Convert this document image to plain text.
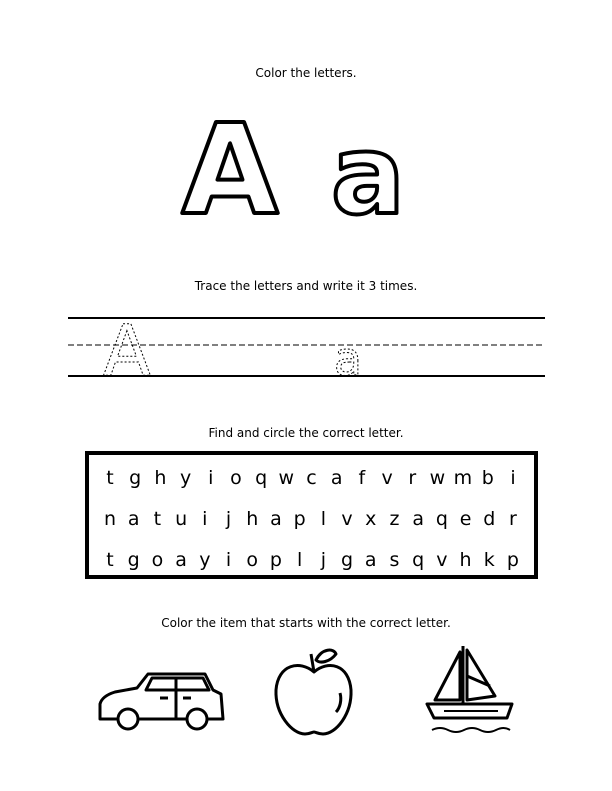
Color the letters.
A a
Trace the letters and write it 3 times.
A	a
Find and circle the correct letter.
t g h y i o q w c a f v r w m b i
n a t u i j h a p l v x z a q e d r
t g o a y i o p l j g a s q v h k p
Color the item that starts with the correct letter.
